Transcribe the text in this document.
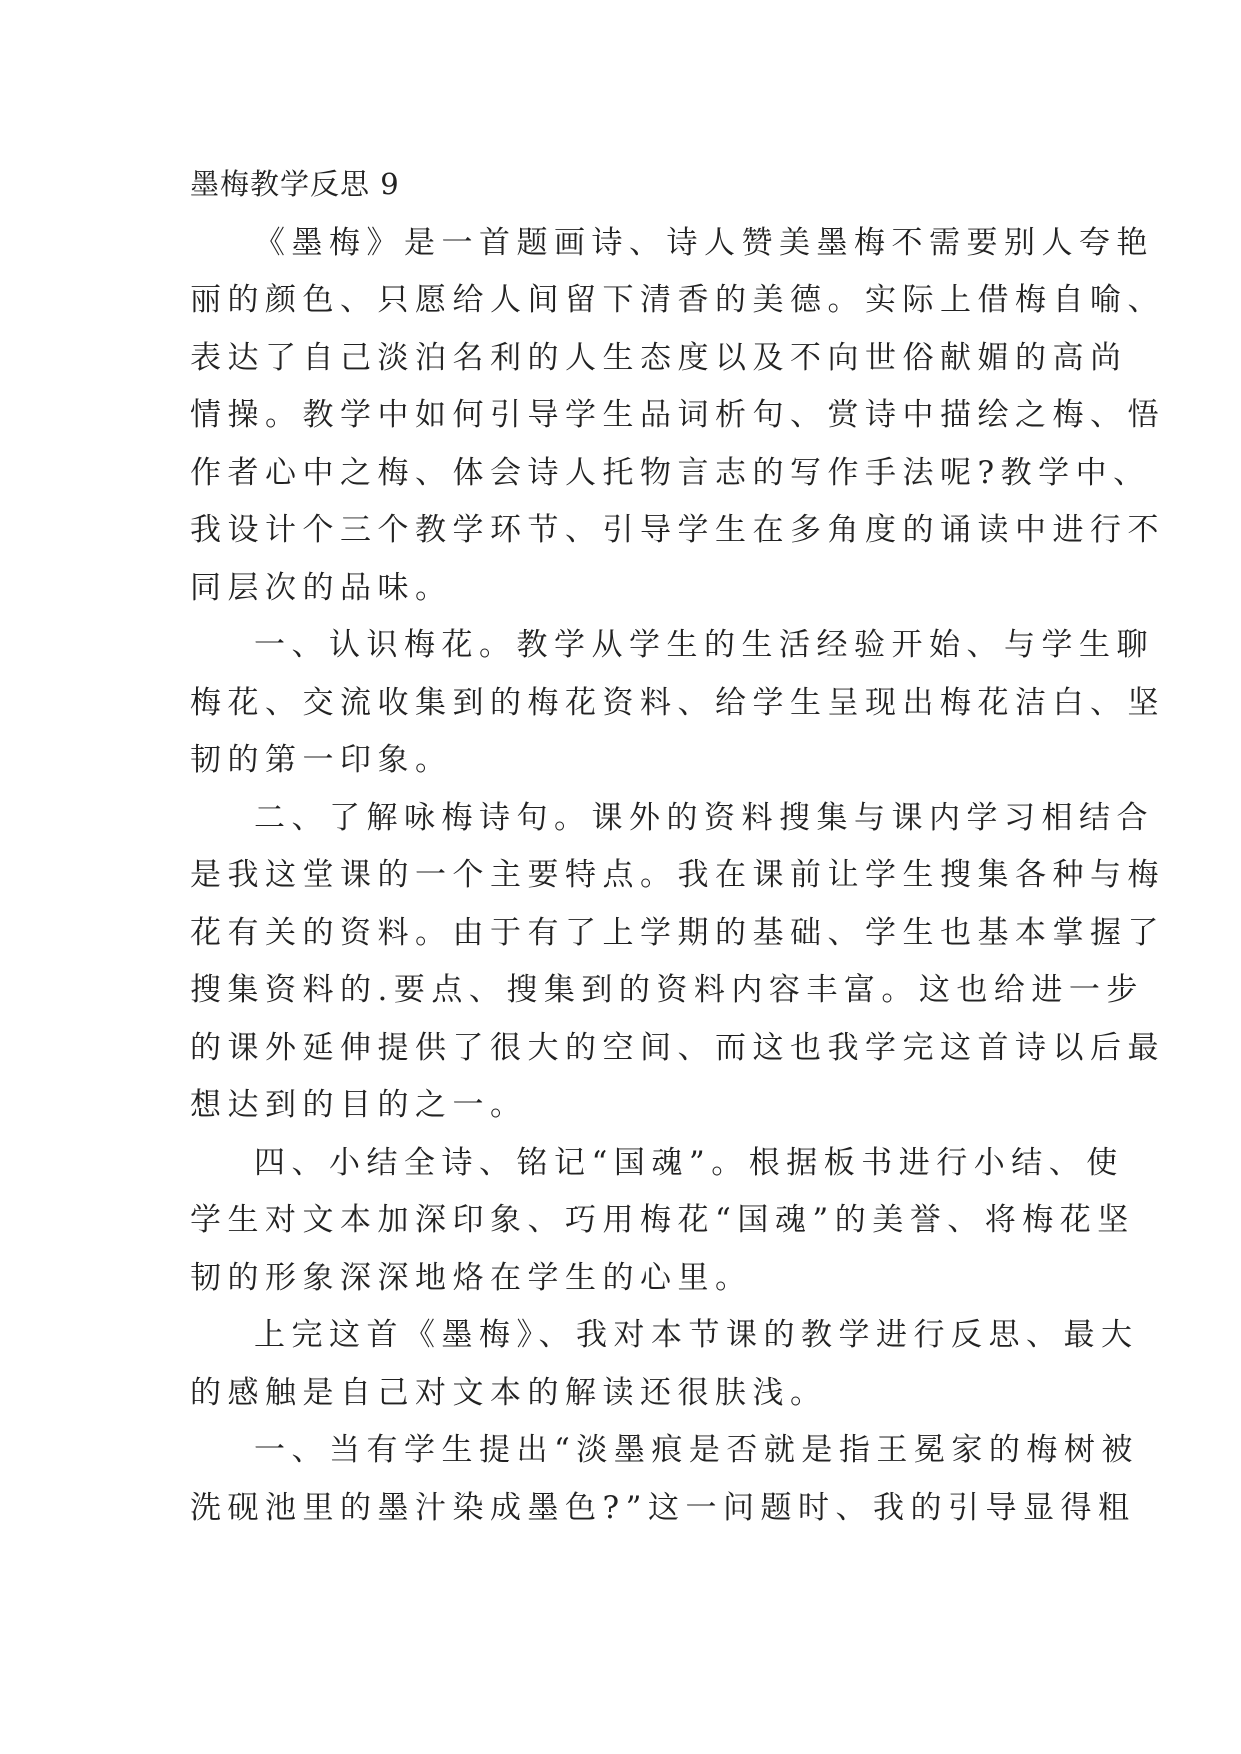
墨梅教学反思 9

《墨梅》是一首题画诗、诗人赞美墨梅不需要别人夸艳

丽的颜色、只愿给人间留下清香的美德。实际上借梅自喻、

表达了自己淡泊名利的人生态度以及不向世俗献媚的高尚

情操。教学中如何引导学生品词析句、赏诗中描绘之梅、悟

作者心中之梅、体会诗人托物言志的写作手法呢?教学中、

我设计个三个教学环节、引导学生在多角度的诵读中进行不

同层次的品味。

一、认识梅花。教学从学生的生活经验开始、与学生聊

梅花、交流收集到的梅花资料、给学生呈现出梅花洁白、坚

韧的第一印象。

二、了解咏梅诗句。课外的资料搜集与课内学习相结合

是我这堂课的一个主要特点。我在课前让学生搜集各种与梅

花有关的资料。由于有了上学期的基础、学生也基本掌握了

搜集资料的.要点、搜集到的资料内容丰富。这也给进一步

的课外延伸提供了很大的空间、而这也我学完这首诗以后最

想达到的目的之一。

四、小结全诗、铭记“国魂”。根据板书进行小结、使

学生对文本加深印象、巧用梅花“国魂”的美誉、将梅花坚

韧的形象深深地烙在学生的心里。

上完这首《墨梅》、我对本节课的教学进行反思、最大

的感触是自己对文本的解读还很肤浅。

一、当有学生提出“淡墨痕是否就是指王冕家的梅树被

洗砚池里的墨汁染成墨色?”这一问题时、我的引导显得粗
